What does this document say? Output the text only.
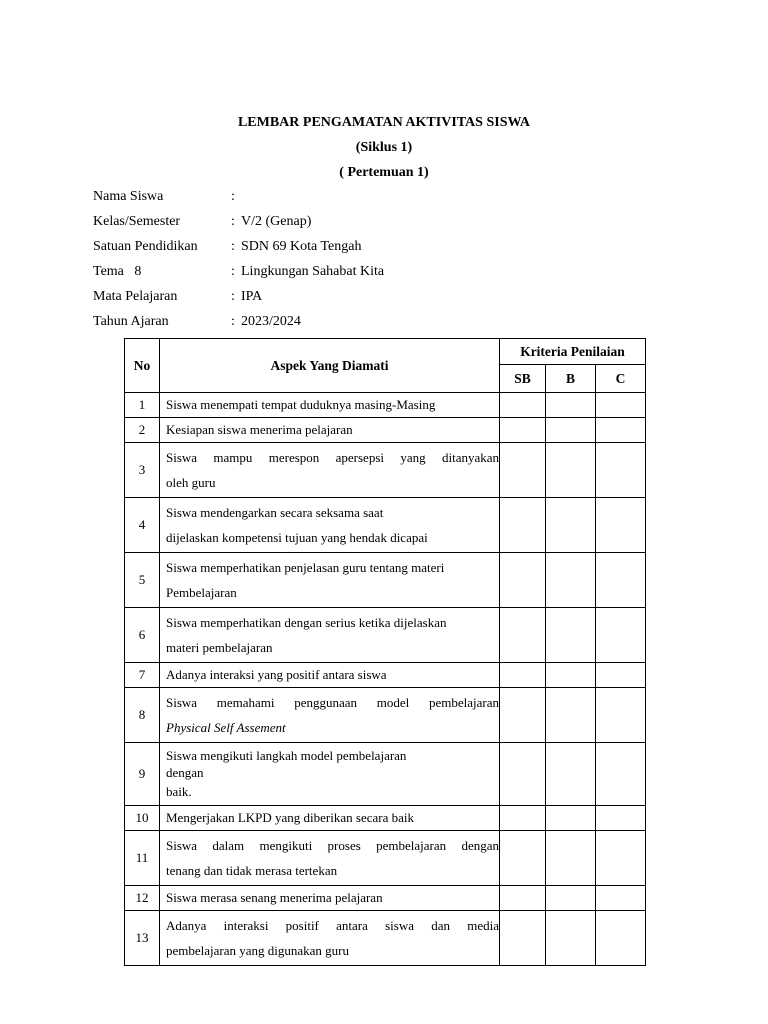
LEMBAR PENGAMATAN AKTIVITAS SISWA
(Siklus 1)
( Pertemuan 1)
Nama Siswa	:
Kelas/Semester	: V/2 (Genap)
Satuan Pendidikan : SDN 69 Kota Tengah
Tema   8	: Lingkungan Sahabat Kita
Mata Pelajaran	: IPA
Tahun Ajaran	: 2023/2024
No	Aspek Yang Diamati	Kriteria Penilaian		
		SB	B	C
1	Siswa menempati tempat duduknya masing-Masing			

2	Kesiapan siswa menerima pelajaran			

3	Siswa mampu merespon apersepsi yang ditanyakan
oleh guru			

4	Siswa mendengarkan secara seksama saat
dijelaskan kompetensi tujuan yang hendak dicapai			

5	Siswa memperhatikan penjelasan guru tentang materi
Pembelajaran			

6	Siswa memperhatikan dengan serius ketika dijelaskan
materi pembelajaran			

7	Adanya interaksi yang positif antara siswa			

8	Siswa memahami penggunaan model pembelajaran
Physical Self Assement			

9	Siswa mengikuti langkah model pembelajaran
dengan
baik.			

10	Mengerjakan LKPD yang diberikan secara baik			

11	Siswa dalam mengikuti proses pembelajaran dengan
tenang dan tidak merasa tertekan			

12	Siswa merasa senang menerima pelajaran			

13	Adanya interaksi positif antara siswa dan media
pembelajaran yang digunakan guru			
